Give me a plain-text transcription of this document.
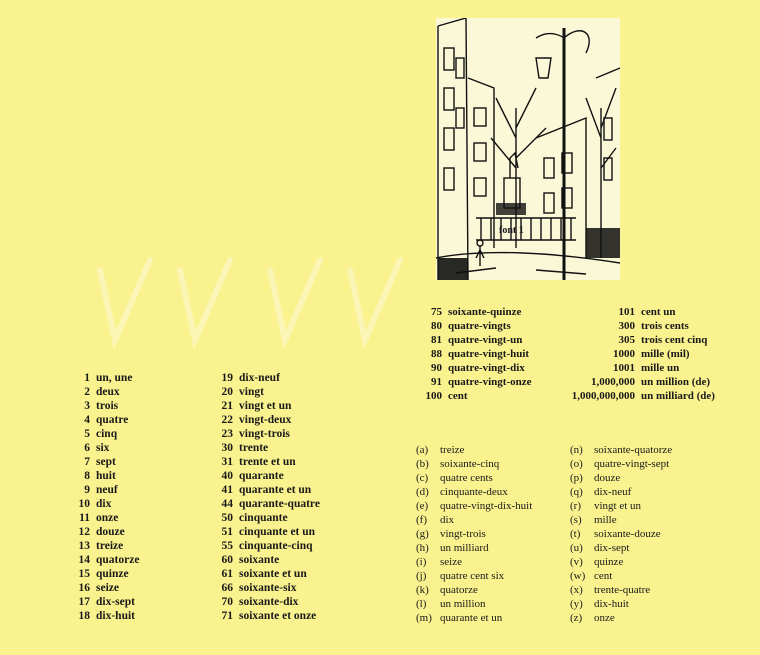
font 1
1 un, une
2 deux
3 trois
4 quatre
5 cinq
6 six
7 sept
8 huit
9 neuf
10 dix
11 onze
12 douze
13 treize
14 quatorze
15 quinze
16 seize
17 dix-sept
18 dix-huit
19 dix-neuf
20 vingt
21 vingt et un
22 vingt-deux
23 vingt-trois
30 trente
31 trente et un
40 quarante
41 quarante et un
44 quarante-quatre
50 cinquante
51 cinquante et un
55 cinquante-cinq
60 soixante
61 soixante et un
66 soixante-six
70 soixante-dix
71 soixante et onze
75 soixante-quinze
80 quatre-vingts
81 quatre-vingt-un
88 quatre-vingt-huit
90 quatre-vingt-dix
91 quatre-vingt-onze
100 cent
101 cent un
300 trois cents
305 trois cent cinq
1000 mille (mil)
1001 mille un
1,000,000 un million (de)
1,000,000,000 un milliard (de)
(a)	treize
(b)	soixante-cinq
(c)	quatre cents
(d)	cinquante-deux
(e)	quatre-vingt-dix-huit
(f)	dix
(g)	vingt-trois
(h)	un milliard
(i)	seize
(j)	quatre cent six
(k)	quatorze
(l)	un million
(m) quarante et un
(n)	soixante-quatorze
(o)	quatre-vingt-sept
(p)	douze
(q)	dix-neuf
(r)	vingt et un
(s)	mille
(t)	soixante-douze
(u)	dix-sept
(v)	quinze
(w) cent
(x)	trente-quatre
(y)	dix-huit
(z)	onze
